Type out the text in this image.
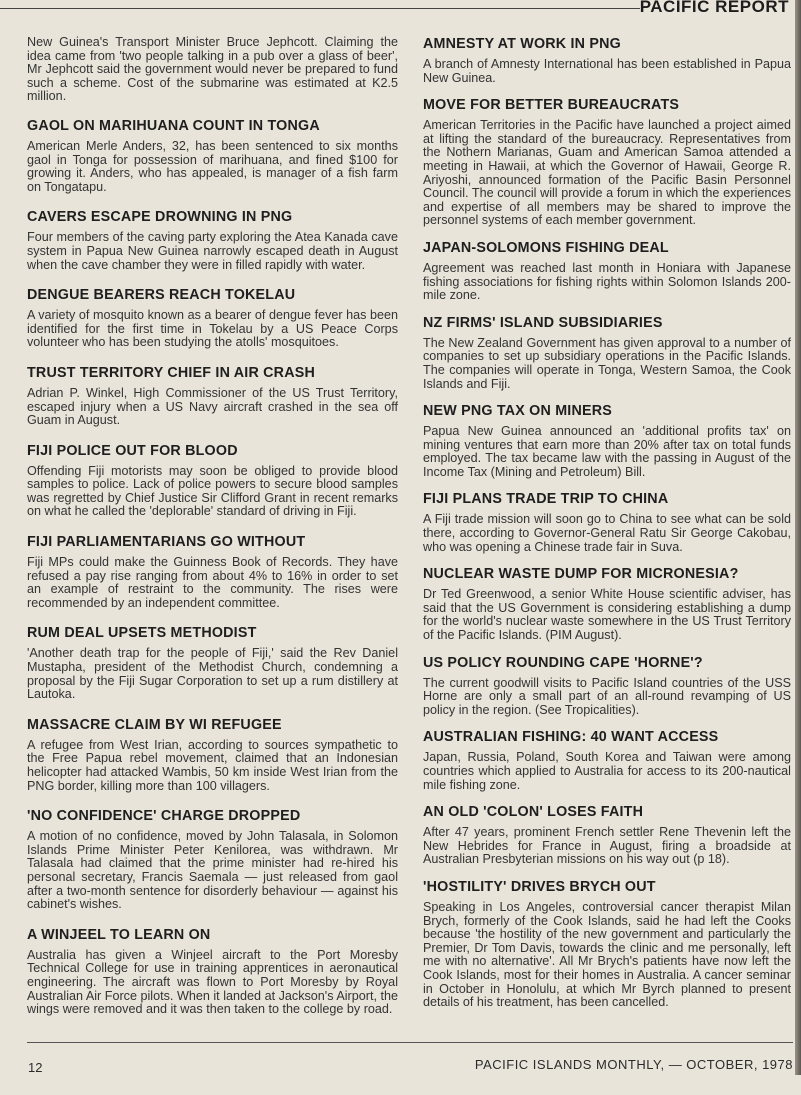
PACIFIC REPORT

New Guinea's Transport Minister Bruce Jephcott. Claiming the idea came from 'two people talking in a pub over a glass of beer', Mr Jephcott said the government would never be prepared to fund such a scheme. Cost of the submarine was estimated at K2.5 million.

GAOL ON MARIHUANA COUNT IN TONGA

American Merle Anders, 32, has been sentenced to six months gaol in Tonga for possession of marihuana, and fined $100 for growing it. Anders, who has appealed, is manager of a fish farm on Tongatapu.

CAVERS ESCAPE DROWNING IN PNG

Four members of the caving party exploring the Atea Kanada cave system in Papua New Guinea narrowly escaped death in August when the cave chamber they were in filled rapidly with water.

DENGUE BEARERS REACH TOKELAU

A variety of mosquito known as a bearer of dengue fever has been identified for the first time in Tokelau by a US Peace Corps volunteer who has been studying the atolls' mosquitoes.

TRUST TERRITORY CHIEF IN AIR CRASH

Adrian P. Winkel, High Commissioner of the US Trust Territory, escaped injury when a US Navy aircraft crashed in the sea off Guam in August.

FIJI POLICE OUT FOR BLOOD

Offending Fiji motorists may soon be obliged to provide blood samples to police. Lack of police powers to secure blood samples was regretted by Chief Justice Sir Clifford Grant in recent remarks on what he called the 'deplorable' standard of driving in Fiji.

FIJI PARLIAMENTARIANS GO WITHOUT

Fiji MPs could make the Guinness Book of Records. They have refused a pay rise ranging from about 4% to 16% in order to set an example of restraint to the community. The rises were recommended by an independent committee.

RUM DEAL UPSETS METHODIST

'Another death trap for the people of Fiji,' said the Rev Daniel Mustapha, president of the Methodist Church, condemning a proposal by the Fiji Sugar Corporation to set up a rum distillery at Lautoka.

MASSACRE CLAIM BY WI REFUGEE

A refugee from West Irian, according to sources sympathetic to the Free Papua rebel movement, claimed that an Indonesian helicopter had attacked Wambis, 50 km inside West Irian from the PNG border, killing more than 100 villagers.

'NO CONFIDENCE' CHARGE DROPPED

A motion of no confidence, moved by John Talasala, in Solomon Islands Prime Minister Peter Kenilorea, was withdrawn. Mr Talasala had claimed that the prime minister had re-hired his personal secretary, Francis Saemala — just released from gaol after a two-month sentence for disorderly behaviour — against his cabinet's wishes.

A WINJEEL TO LEARN ON

Australia has given a Winjeel aircraft to the Port Moresby Technical College for use in training apprentices in aeronautical engineering. The aircraft was flown to Port Moresby by Royal Australian Air Force pilots. When it landed at Jackson's Airport, the wings were removed and it was then taken to the college by road.

AMNESTY AT WORK IN PNG

A branch of Amnesty International has been established in Papua New Guinea.

MOVE FOR BETTER BUREAUCRATS

American Territories in the Pacific have launched a project aimed at lifting the standard of the bureaucracy. Representatives from the Nothern Marianas, Guam and American Samoa attended a meeting in Hawaii, at which the Governor of Hawaii, George R. Ariyoshi, announced formation of the Pacific Basin Personnel Council. The council will provide a forum in which the experiences and expertise of all members may be shared to improve the personnel systems of each member government.

JAPAN-SOLOMONS FISHING DEAL

Agreement was reached last month in Honiara with Japanese fishing associations for fishing rights within Solomon Islands 200-mile zone.

NZ FIRMS' ISLAND SUBSIDIARIES

The New Zealand Government has given approval to a number of companies to set up subsidiary operations in the Pacific Islands. The companies will operate in Tonga, Western Samoa, the Cook Islands and Fiji.

NEW PNG TAX ON MINERS

Papua New Guinea announced an 'additional profits tax' on mining ventures that earn more than 20% after tax on total funds employed. The tax became law with the passing in August of the Income Tax (Mining and Petroleum) Bill.

FIJI PLANS TRADE TRIP TO CHINA

A Fiji trade mission will soon go to China to see what can be sold there, according to Governor-General Ratu Sir George Cakobau, who was opening a Chinese trade fair in Suva.

NUCLEAR WASTE DUMP FOR MICRONESIA?

Dr Ted Greenwood, a senior White House scientific adviser, has said that the US Government is considering establishing a dump for the world's nuclear waste somewhere in the US Trust Territory of the Pacific Islands. (PIM August).

US POLICY ROUNDING CAPE 'HORNE'?

The current goodwill visits to Pacific Island countries of the USS Horne are only a small part of an all-round revamping of US policy in the region. (See Tropicalities).

AUSTRALIAN FISHING: 40 WANT ACCESS

Japan, Russia, Poland, South Korea and Taiwan were among countries which applied to Australia for access to its 200-nautical mile fishing zone.

AN OLD 'COLON' LOSES FAITH

After 47 years, prominent French settler Rene Thevenin left the New Hebrides for France in August, firing a broadside at Australian Presbyterian missions on his way out (p 18).

'HOSTILITY' DRIVES BRYCH OUT

Speaking in Los Angeles, controversial cancer therapist Milan Brych, formerly of the Cook Islands, said he had left the Cooks because 'the hostility of the new government and particularly the Premier, Dr Tom Davis, towards the clinic and me personally, left me with no alternative'. All Mr Brych's patients have now left the Cook Islands, most for their homes in Australia. A cancer seminar in October in Honolulu, at which Mr Byrch planned to present details of his treatment, has been cancelled.

12	PACIFIC ISLANDS MONTHLY, — OCTOBER, 1978
